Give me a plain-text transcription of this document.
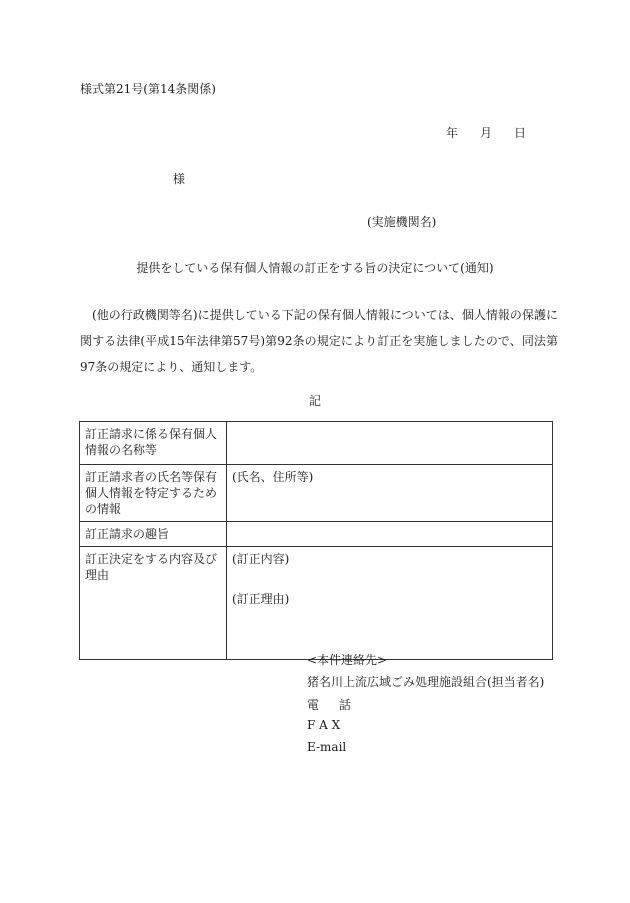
様式第21号(第14条関係)
年 月 日
様
(実施機関名)
提供をしている保有個人情報の訂正をする旨の決定について(通知)

(他の行政機関等名)に提供している下記の保有個人情報については、個人情報の保護に関する法律(平成15年法律第57号)第92条の規定により訂正を実施しましたので、同法第97条の規定により、通知します。

記
訂正請求に係る保有個人情報の名称等	
訂正請求者の氏名等保有個人情報を特定するための情報	(氏名、住所等)
訂正請求の趣旨	
訂正決定をする内容及び理由	(訂正内容)
(訂正理由)
<本件連絡先>
猪名川上流広域ごみ処理施設組合(担当者名)
電 話
F A X
E-mail
